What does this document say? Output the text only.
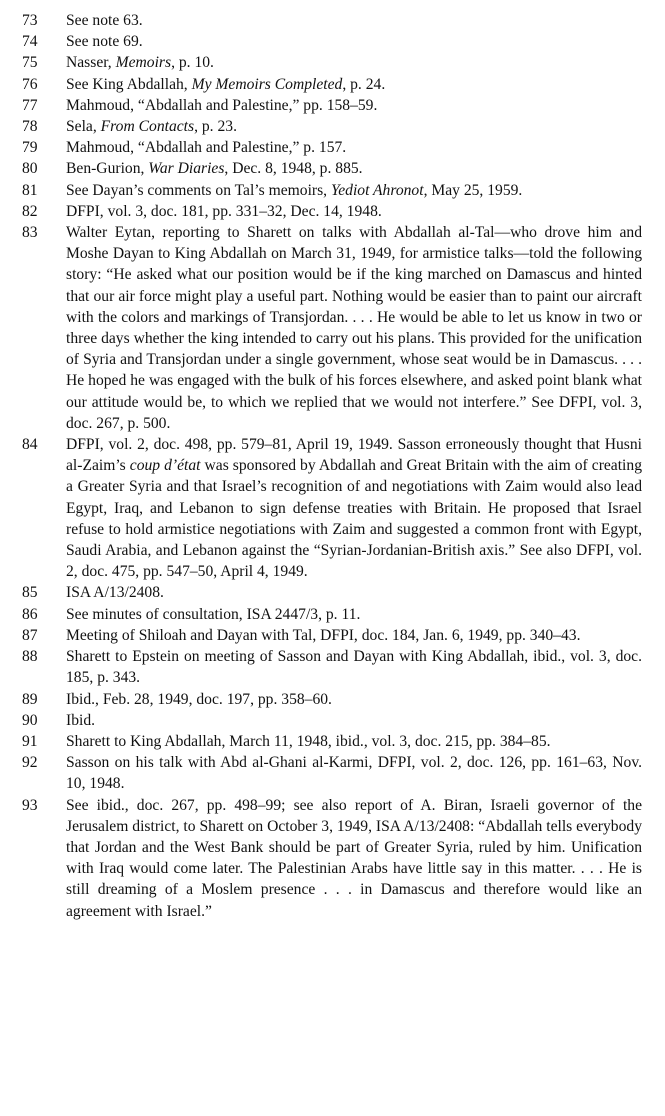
73	See note 63.
74	See note 69.
75	Nasser, Memoirs, p. 10.
76	See King Abdallah, My Memoirs Completed, p. 24.
77	Mahmoud, “Abdallah and Palestine,” pp. 158–59.
78	Sela, From Contacts, p. 23.
79	Mahmoud, “Abdallah and Palestine,” p. 157.
80	Ben-Gurion, War Diaries, Dec. 8, 1948, p. 885.
81	See Dayan’s comments on Tal’s memoirs, Yediot Ahronot, May 25, 1959.
82	DFPI, vol. 3, doc. 181, pp. 331–32, Dec. 14, 1948.
83	Walter Eytan, reporting to Sharett on talks with Abdallah al-Tal—who drove him and Moshe Dayan to King Abdallah on March 31, 1949, for armistice talks—told the following story: “He asked what our position would be if the king marched on Damascus and hinted that our air force might play a useful part. Nothing would be easier than to paint our aircraft with the colors and markings of Transjordan. . . . He would be able to let us know in two or three days whether the king intended to carry out his plans. This provided for the unification of Syria and Transjordan under a single government, whose seat would be in Damascus. . . . He hoped he was engaged with the bulk of his forces elsewhere, and asked point blank what our attitude would be, to which we replied that we would not interfere.” See DFPI, vol. 3, doc. 267, p. 500.
84	DFPI, vol. 2, doc. 498, pp. 579–81, April 19, 1949. Sasson erroneously thought that Husni al-Zaim’s coup d’état was sponsored by Abdallah and Great Britain with the aim of creating a Greater Syria and that Israel’s recognition of and negotiations with Zaim would also lead Egypt, Iraq, and Lebanon to sign defense treaties with Britain. He proposed that Israel refuse to hold armistice negotiations with Zaim and suggested a common front with Egypt, Saudi Arabia, and Lebanon against the “Syrian-Jordanian-British axis.” See also DFPI, vol. 2, doc. 475, pp. 547–50, April 4, 1949.
85	ISA A/13/2408.
86	See minutes of consultation, ISA 2447/3, p. 11.
87	Meeting of Shiloah and Dayan with Tal, DFPI, doc. 184, Jan. 6, 1949, pp. 340–43.
88	Sharett to Epstein on meeting of Sasson and Dayan with King Abdallah, ibid., vol. 3, doc. 185, p. 343.
89	Ibid., Feb. 28, 1949, doc. 197, pp. 358–60.
90	Ibid.
91	Sharett to King Abdallah, March 11, 1948, ibid., vol. 3, doc. 215, pp. 384–85.
92	Sasson on his talk with Abd al-Ghani al-Karmi, DFPI, vol. 2, doc. 126, pp. 161–63, Nov. 10, 1948.
93	See ibid., doc. 267, pp. 498–99; see also report of A. Biran, Israeli governor of the Jerusalem district, to Sharett on October 3, 1949, ISA A/13/2408: “Abdallah tells everybody that Jordan and the West Bank should be part of Greater Syria, ruled by him. Unification with Iraq would come later. The Palestinian Arabs have little say in this matter. . . . He is still dreaming of a Moslem presence . . . in Damascus and therefore would like an agreement with Israel.”
